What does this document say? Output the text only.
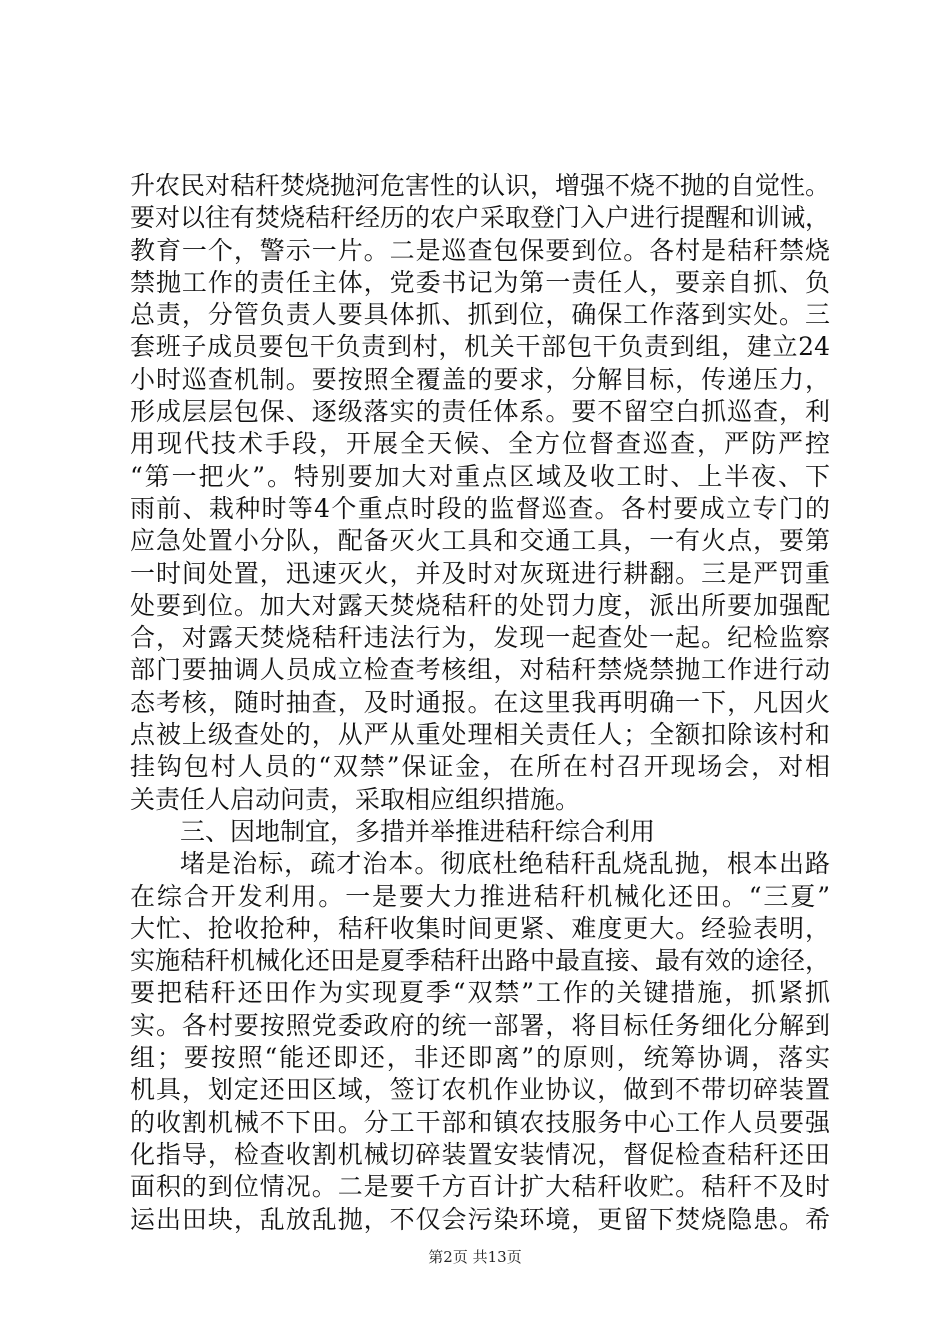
升农民对秸秆焚烧抛河危害性的认识，增强不烧不抛的自觉性。
要对以往有焚烧秸秆经历的农户采取登门入户进行提醒和训诫，
教育一个，警示一片。二是巡查包保要到位。各村是秸秆禁烧
禁抛工作的责任主体，党委书记为第一责任人，要亲自抓、负
总责，分管负责人要具体抓、抓到位，确保工作落到实处。三
套班子成员要包干负责到村，机关干部包干负责到组，建立24
小时巡查机制。要按照全覆盖的要求，分解目标，传递压力，
形成层层包保、逐级落实的责任体系。要不留空白抓巡查，利
用现代技术手段，开展全天候、全方位督查巡查，严防严控
“第一把火”。特别要加大对重点区域及收工时、上半夜、下
雨前、栽种时等4个重点时段的监督巡查。各村要成立专门的
应急处置小分队，配备灭火工具和交通工具，一有火点，要第
一时间处置，迅速灭火，并及时对灰斑进行耕翻。三是严罚重
处要到位。加大对露天焚烧秸秆的处罚力度，派出所要加强配
合，对露天焚烧秸秆违法行为，发现一起查处一起。纪检监察
部门要抽调人员成立检查考核组，对秸秆禁烧禁抛工作进行动
态考核，随时抽查，及时通报。在这里我再明确一下，凡因火
点被上级查处的，从严从重处理相关责任人；全额扣除该村和
挂钩包村人员的“双禁”保证金，在所在村召开现场会，对相
关责任人启动问责，采取相应组织措施。
三、因地制宜，多措并举推进秸秆综合利用
堵是治标，疏才治本。彻底杜绝秸秆乱烧乱抛，根本出路
在综合开发利用。一是要大力推进秸秆机械化还田。“三夏”
大忙、抢收抢种，秸秆收集时间更紧、难度更大。经验表明，
实施秸秆机械化还田是夏季秸秆出路中最直接、最有效的途径，
要把秸秆还田作为实现夏季“双禁”工作的关键措施，抓紧抓
实。各村要按照党委政府的统一部署，将目标任务细化分解到
组；要按照“能还即还，非还即离”的原则，统筹协调，落实
机具，划定还田区域，签订农机作业协议，做到不带切碎装置
的收割机械不下田。分工干部和镇农技服务中心工作人员要强
化指导，检查收割机械切碎装置安装情况，督促检查秸秆还田
面积的到位情况。二是要千方百计扩大秸秆收贮。秸秆不及时
运出田块，乱放乱抛，不仅会污染环境，更留下焚烧隐患。希
第2页 共13页
